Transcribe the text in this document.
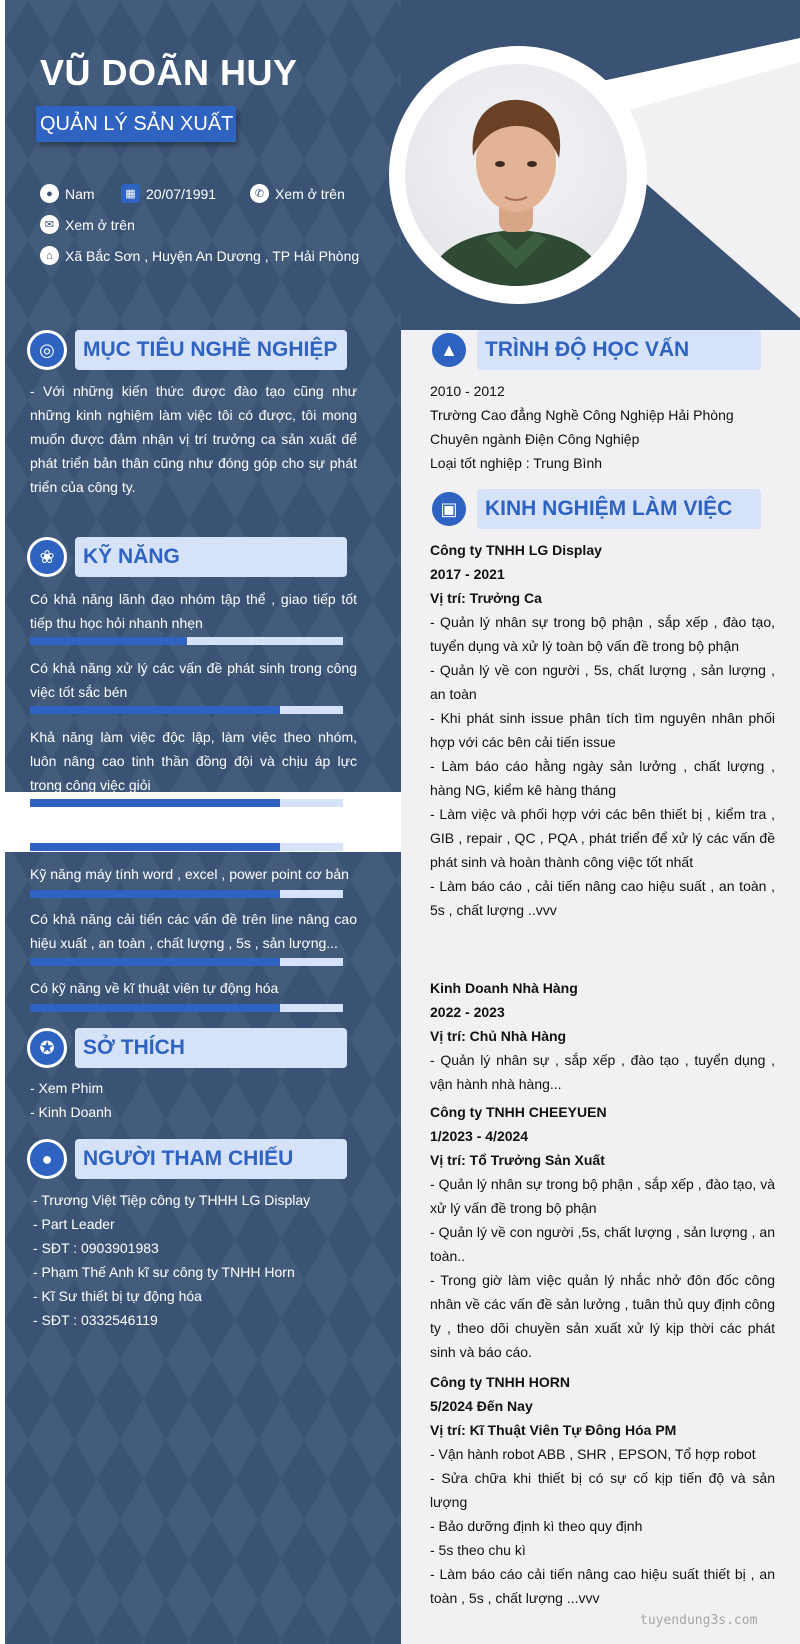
VŨ DOÃN HUY
QUẢN LÝ SẢN XUẤT
● Nam	▦ 20/07/1991	✆ Xem ở trên
✉ Xem ở trên
⌂ Xã Bắc Sơn , Huyện An Dương , TP Hải Phòng
◎	MỤC TIÊU NGHỀ NGHIỆP
- Với những kiến thức được đào tạo cũng như những kinh nghiệm làm việc tôi có được, tôi mong muốn được đảm nhận vị trí trưởng ca sản xuất để phát triển bản thân cũng như đóng góp cho sự phát triển của công ty.
❀	KỸ NĂNG
Có khả năng lãnh đạo nhóm tập thể , giao tiếp tốt tiếp thu học hỏi nhanh nhẹn
Có khả năng xử lý các vấn đề phát sinh trong công việc tốt sắc bén
Khả năng làm việc độc lập, làm việc theo nhóm, luôn nâng cao tinh thần đồng đội và chịu áp lực trong công việc giỏi
Kỹ năng máy tính word , excel , power point cơ bản
Có khả năng cải tiến các vấn đề trên line nâng cao hiệu xuất , an toàn , chất lượng , 5s , sản lượng...
Có kỹ năng về kĩ thuật viên tự động hóa
✪	SỞ THÍCH
- Xem Phim
- Kinh Doanh
●	NGƯỜI THAM CHIẾU
- Trương Việt Tiệp công ty THHH LG Display
- Part Leader
- SĐT : 0903901983
- Phạm Thế Anh kĩ sư công ty TNHH Horn
- Kĩ Sư thiết bị tự động hóa
- SĐT : 0332546119
▲	TRÌNH ĐỘ HỌC VẤN
2010 - 2012
Trường Cao đẳng Nghề Công Nghiệp Hải Phòng
Chuyên ngành Điện Công Nghiệp
Loại tốt nghiệp : Trung Bình
▣	KINH NGHIỆM LÀM VIỆC
Công ty TNHH LG Display
2017 - 2021
Vị trí: Trưởng Ca
- Quản lý nhân sự trong bộ phận , sắp xếp , đào tạo, tuyển dụng và xử lý toàn bộ vấn đề trong bộ phận
- Quản lý về con người , 5s, chất lượng , sản lượng , an toàn
- Khi phát sinh issue phân tích tìm nguyên nhân phối hợp với các bên cải tiến issue
- Làm báo cáo hằng ngày sản lưởng , chất lượng , hàng NG, kiểm kê hàng tháng
- Làm việc và phối hợp với các bên thiết bị , kiểm tra , GIB , repair , QC , PQA , phát triển để xử lý các vấn đề phát sinh và hoàn thành công việc tốt nhất
- Làm báo cáo , cải tiến nâng cao hiệu suất , an toàn , 5s , chất lượng ..vvv
Kinh Doanh Nhà Hàng
2022 - 2023
Vị trí: Chủ Nhà Hàng
- Quản lý nhân sự , sắp xếp , đào tạo , tuyển dụng , vận hành nhà hàng...
Công ty TNHH CHEEYUEN
1/2023 - 4/2024
Vị trí: Tổ Trưởng Sản Xuất
- Quản lý nhân sự trong bộ phận , sắp xếp , đào tạo, và xử lý vấn đề trong bộ phận
- Quản lý về con người ,5s, chất lượng , sản lượng , an toàn..
- Trong giờ làm việc quản lý nhắc nhở đôn đốc công nhân về các vấn đề sản lưởng , tuân thủ quy định công ty , theo dõi chuyền sản xuất xử lý kịp thời các phát sinh và báo cáo.
Công ty TNHH HORN
5/2024 Đến Nay
Vị trí: Kĩ Thuật Viên Tự Đông Hóa PM
- Vận hành robot ABB , SHR , EPSON, Tổ hợp robot
- Sửa chữa khi thiết bị có sự cố kịp tiến độ và sản lượng
- Bảo dưỡng định kì theo quy định
- 5s theo chu kì
- Làm báo cáo cải tiến nâng cao hiệu suất thiết bị , an toàn , 5s , chất lượng ...vvv
tuyendung3s.com
